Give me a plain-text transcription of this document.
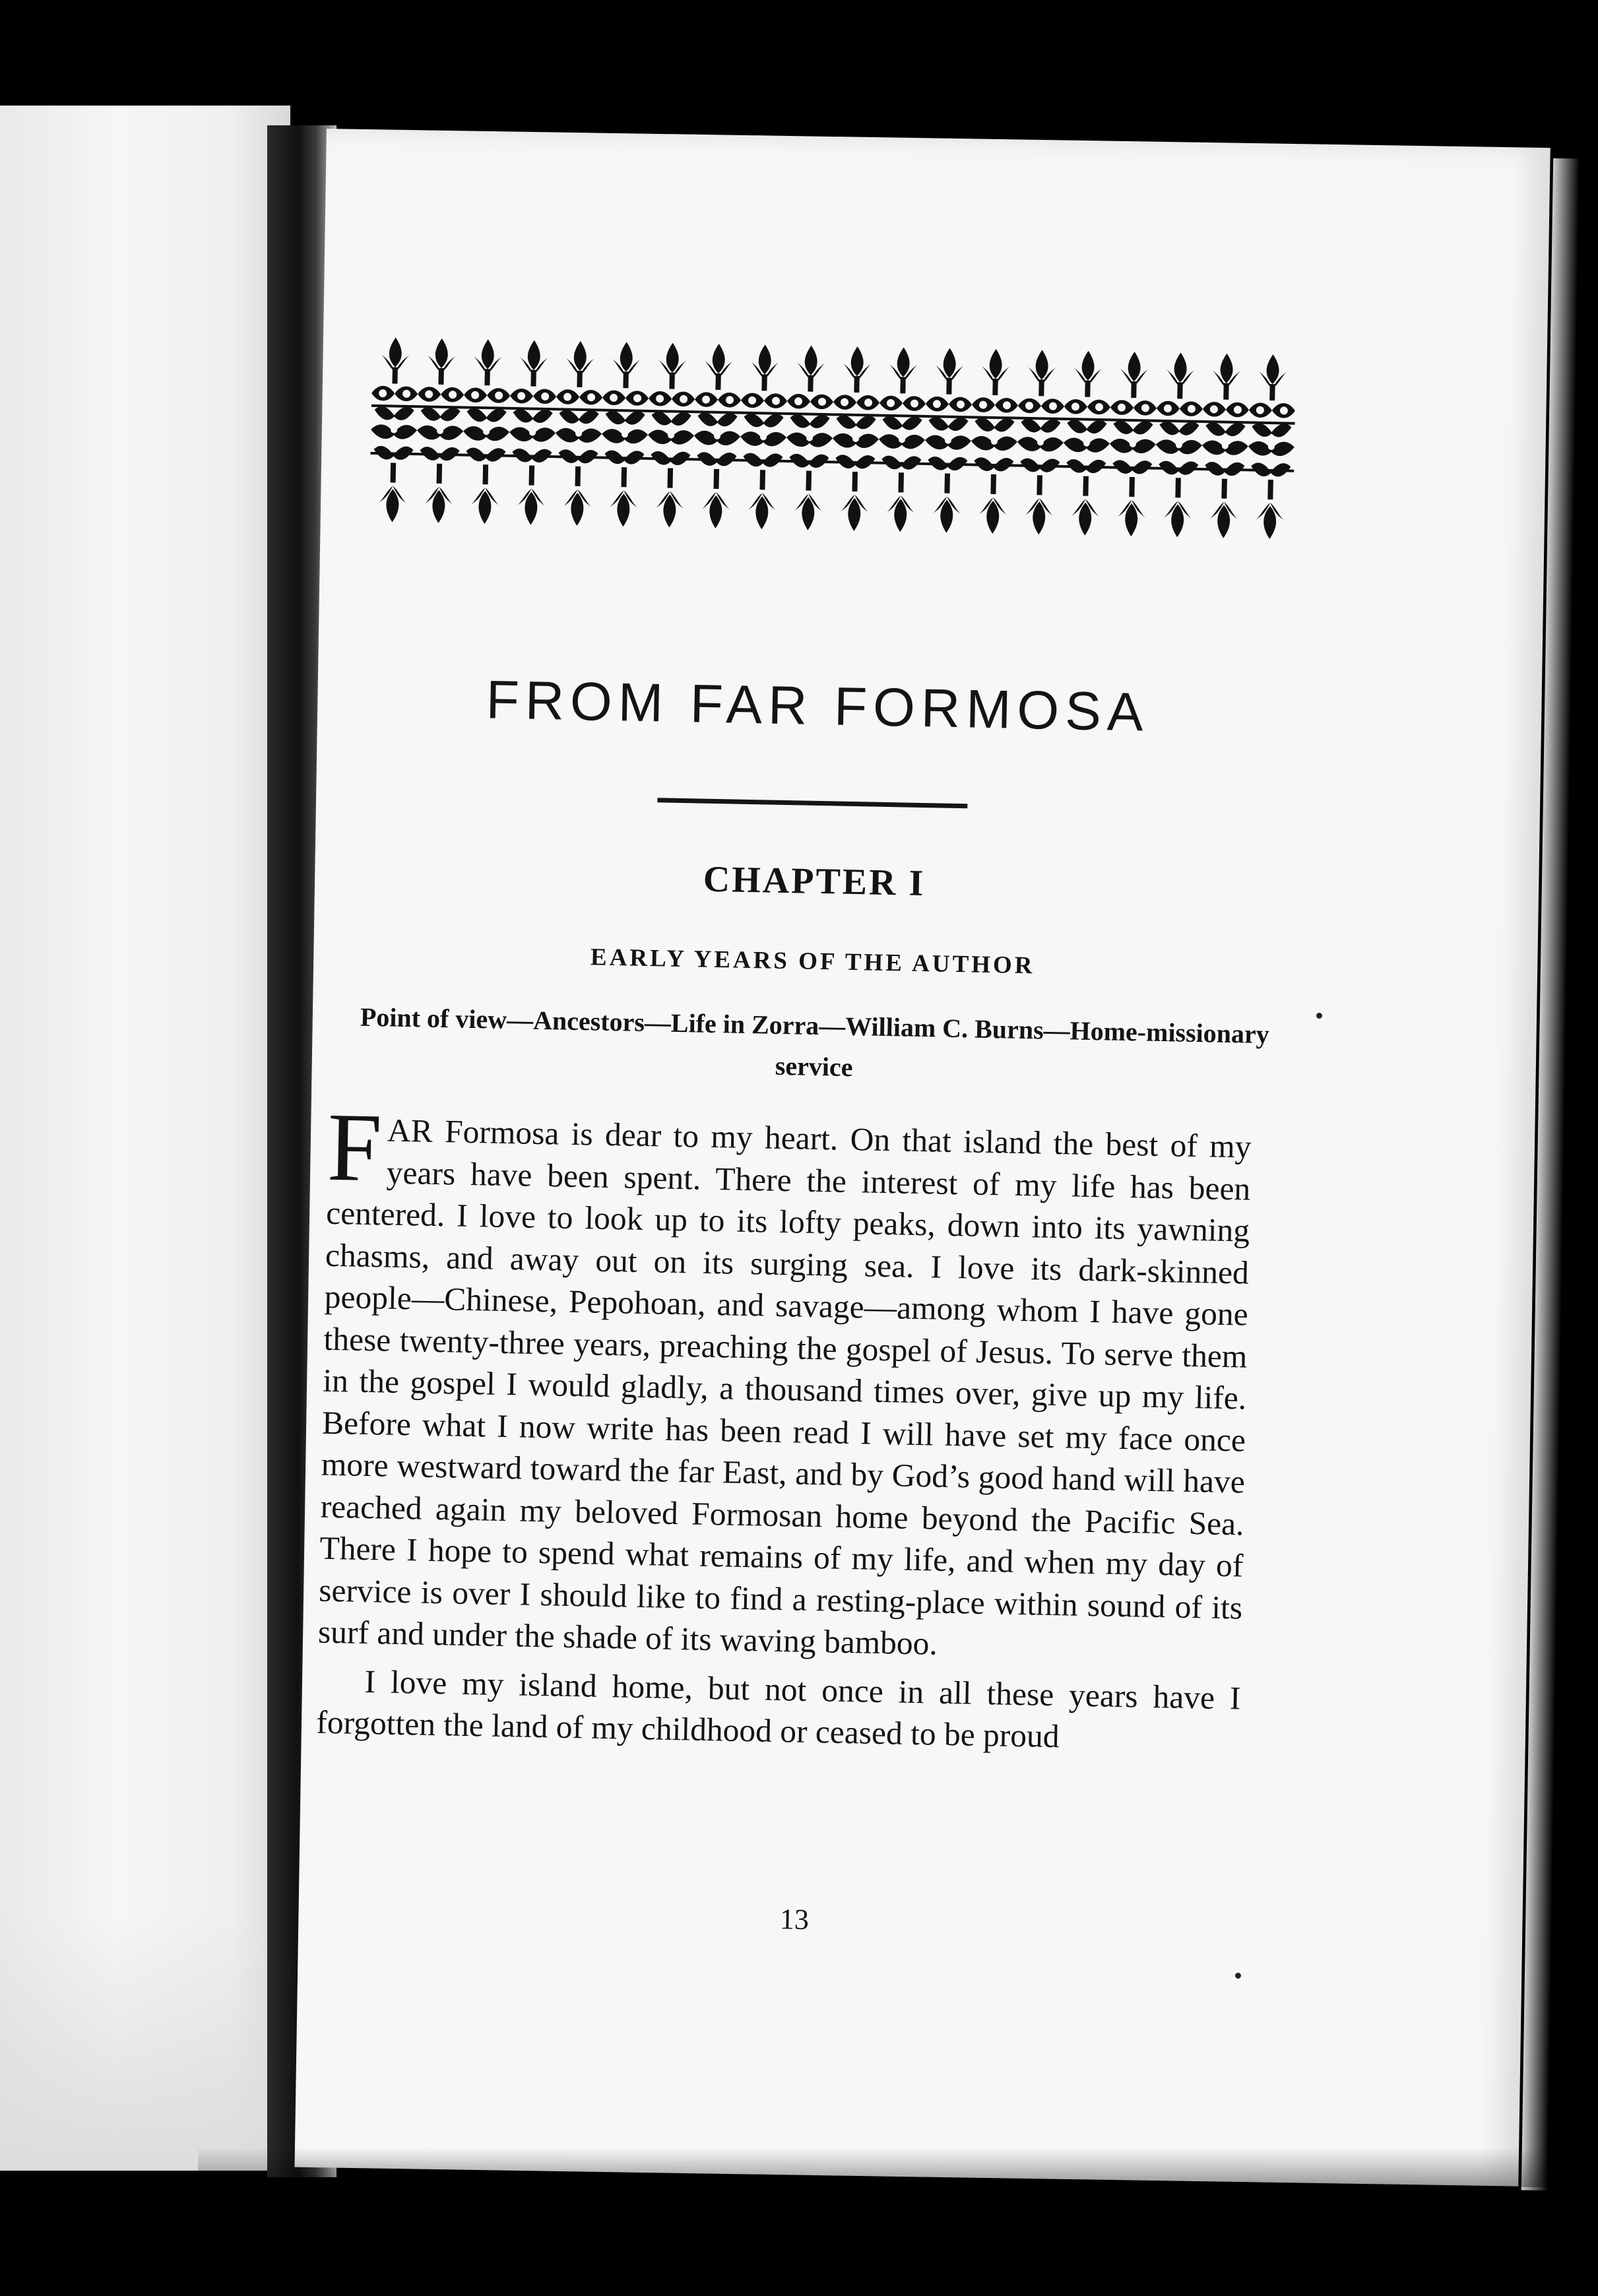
FROM FAR FORMOSA
CHAPTER I
EARLY YEARS OF THE AUTHOR

Point of view—Ancestors—Life in Zorra—William C. Burns—Home-missionary service

FAR Formosa is dear to my heart. On that island the best of my years have been spent. There the interest of my life has been centered. I love to look up to its lofty peaks, down into its yawning chasms, and away out on its surging sea. I love its dark-skinned people—Chinese, Pepohoan, and savage—among whom I have gone these twenty-three years, preaching the gospel of Jesus. To serve them in the gospel I would gladly, a thousand times over, give up my life. Before what I now write has been read I will have set my face once more westward toward the far East, and by God’s good hand will have reached again my beloved Formosan home beyond the Pacific Sea. There I hope to spend what remains of my life, and when my day of service is over I should like to find a resting-place within sound of its surf and under the shade of its waving bamboo.

I love my island home, but not once in all these years have I forgotten the land of my childhood or ceased to be proud

13
